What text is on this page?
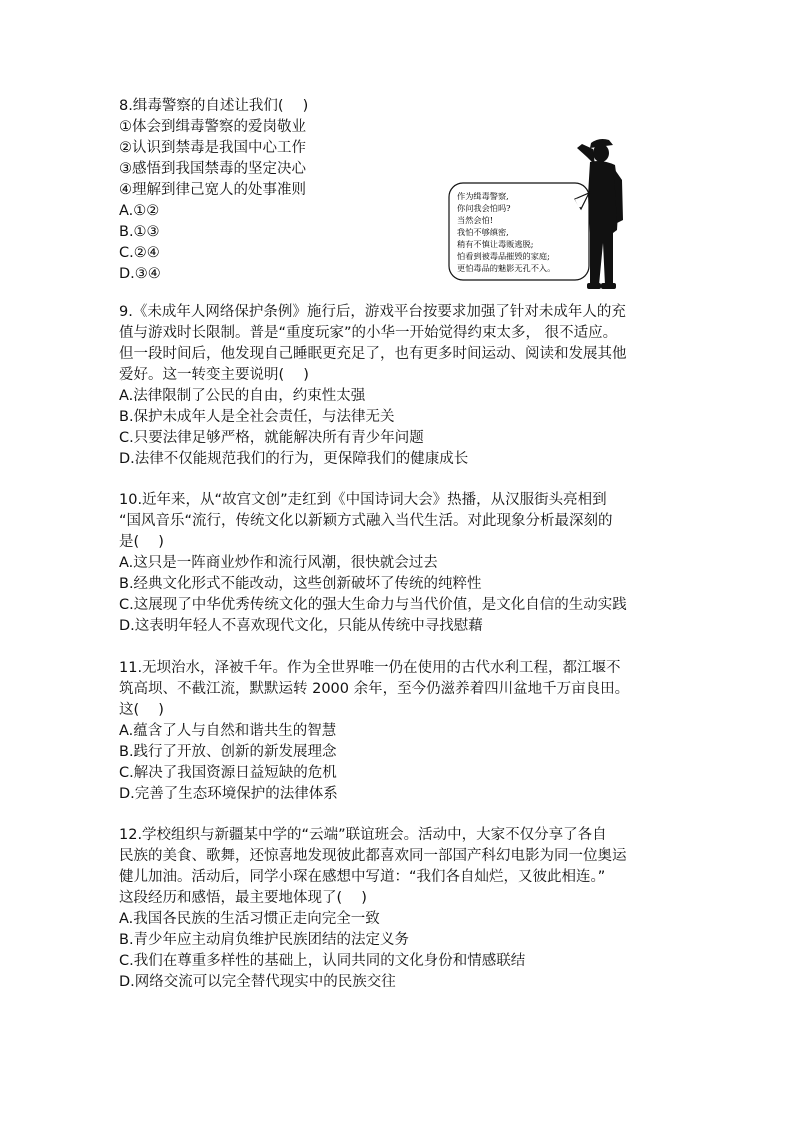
8.缉毒警察的自述让我们(　 )
①体会到缉毒警察的爱岗敬业
②认识到禁毒是我国中心工作
③感悟到我国禁毒的坚定决心
④理解到律己宽人的处事准则
A.①②
B.①③
C.②④
D.③④
作为缉毒警察,
你问我会怕吗?
当然会怕!
我怕不够缜密,
稍有不慎让毒贩逃脱;
怕看到被毒品摧毁的家庭;
更怕毒品的魅影无孔不入。
9.《未成年人网络保护条例》施行后，游戏平台按要求加强了针对未成年人的充
值与游戏时长限制。普是“重度玩家”的小华一开始觉得约束太多， 很不适应。
但一段时间后，他发现自己睡眠更充足了，也有更多时间运动、阅读和发展其他
爱好。这一转变主要说明(　 )
A.法律限制了公民的自由，约束性太强
B.保护未成年人是全社会责任，与法律无关
C.只要法律足够严格，就能解决所有青少年问题
D.法律不仅能规范我们的行为，更保障我们的健康成长
10.近年来，从“故宫文创”走红到《中国诗词大会》热播，从汉服街头亮相到
“国风音乐“流行，传统文化以新颖方式融入当代生活。对此现象分析最深刻的
是(　 )
A.这只是一阵商业炒作和流行风潮，很快就会过去
B.经典文化形式不能改动，这些创新破坏了传统的纯粹性
C.这展现了中华优秀传统文化的强大生命力与当代价值，是文化自信的生动实践
D.这表明年轻人不喜欢现代文化，只能从传统中寻找慰藉
11.无坝治水，泽被千年。作为全世界唯一仍在使用的古代水利工程，都江堰不
筑高坝、不截江流，默默运转 2000 余年，至今仍滋养着四川盆地千万亩良田。
这(　 )
A.蕴含了人与自然和谐共生的智慧
B.践行了开放、创新的新发展理念
C.解决了我国资源日益短缺的危机
D.完善了生态环境保护的法律体系
12.学校组织与新疆某中学的“云端”联谊班会。活动中，大家不仅分享了各自
民族的美食、歌舞，还惊喜地发现彼此都喜欢同一部国产科幻电影为同一位奥运
健儿加油。活动后，同学小琛在感想中写道：“我们各自灿烂，又彼此相连。”
这段经历和感悟，最主要地体现了(　 )
A.我国各民族的生活习惯正走向完全一致
B.青少年应主动肩负维护民族团结的法定义务
C.我们在尊重多样性的基础上，认同共同的文化身份和情感联结
D.网络交流可以完全替代现实中的民族交往
